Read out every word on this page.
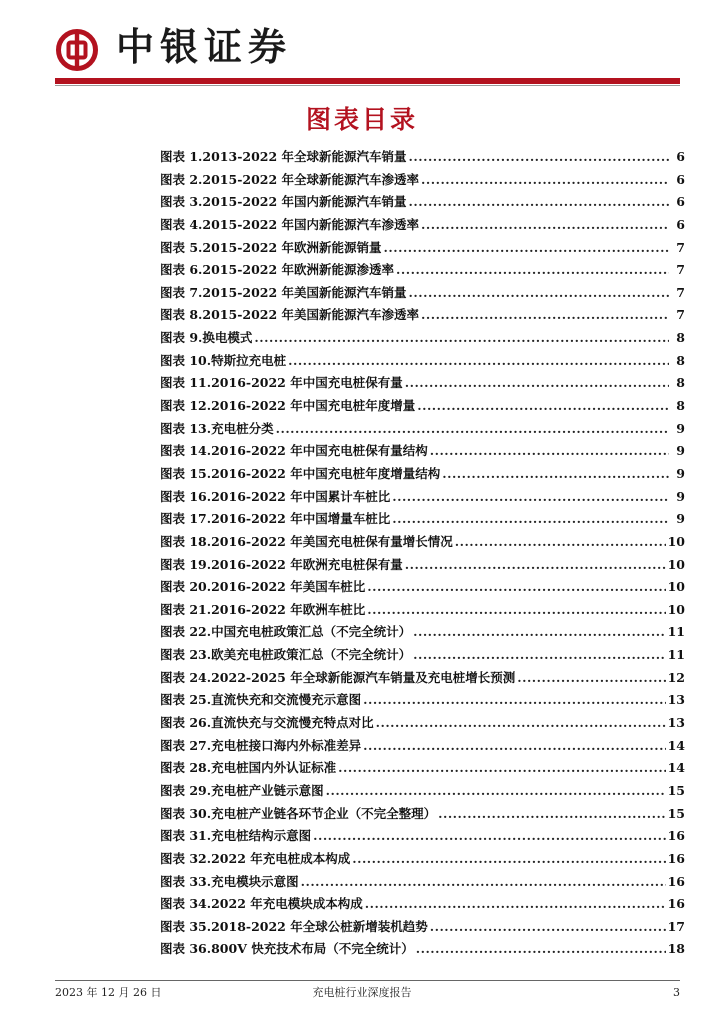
中银证券
图表目录
图表 1.2013-2022 年全球新能源汽车销量 .....	6
图表 2.2015-2022 年全球新能源汽车渗透率 .....	6
图表 3.2015-2022 年国内新能源汽车销量 .....	6
图表 4.2015-2022 年国内新能源汽车渗透率 .....	6
图表 5.2015-2022 年欧洲新能源销量 .....	7
图表 6.2015-2022 年欧洲新能源渗透率 .....	7
图表 7.2015-2022 年美国新能源汽车销量 .....	7
图表 8.2015-2022 年美国新能源汽车渗透率 .....	7
图表 9.换电模式 .....	8
图表 10.特斯拉充电桩 .....	8
图表 11.2016-2022 年中国充电桩保有量 .....	8
图表 12.2016-2022 年中国充电桩年度增量 .....	8
图表 13.充电桩分类 .....	9
图表 14.2016-2022 年中国充电桩保有量结构 .....	9
图表 15.2016-2022 年中国充电桩年度增量结构 .....	9
图表 16.2016-2022 年中国累计车桩比 .....	9
图表 17.2016-2022 年中国增量车桩比 .....	9
图表 18.2016-2022 年美国充电桩保有量增长情况 .....	10
图表 19.2016-2022 年欧洲充电桩保有量 .....	10
图表 20.2016-2022 年美国车桩比 .....	10
图表 21.2016-2022 年欧洲车桩比 .....	10
图表 22.中国充电桩政策汇总（不完全统计） .....	11
图表 23.欧美充电桩政策汇总（不完全统计） .....	11
图表 24.2022-2025 年全球新能源汽车销量及充电桩增长预测 .....	12
图表 25.直流快充和交流慢充示意图 .....	13
图表 26.直流快充与交流慢充特点对比 .....	13
图表 27.充电桩接口海内外标准差异 .....	14
图表 28.充电桩国内外认证标准 .....	14
图表 29.充电桩产业链示意图 .....	15
图表 30.充电桩产业链各环节企业（不完全整理） .....	15
图表 31.充电桩结构示意图 .....	16
图表 32.2022 年充电桩成本构成 .....	16
图表 33.充电模块示意图 .....	16
图表 34.2022 年充电模块成本构成 .....	16
图表 35.2018-2022 年全球公桩新增装机趋势 .....	17
图表 36.800V 快充技术布局（不完全统计） .....	18
2023 年 12 月 26 日	充电桩行业深度报告	3
